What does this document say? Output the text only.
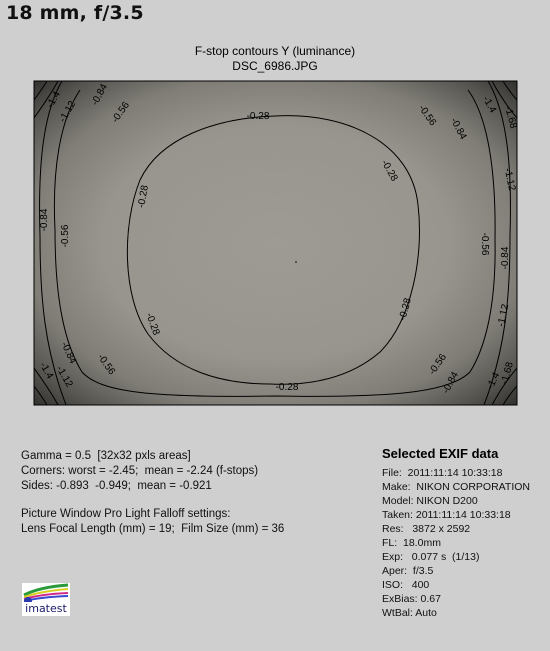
18 mm, f/3.5
F-stop contours Y (luminance)
DSC_6986.JPG
-0.28
-0.28
-0.28
-0.28
-0.28
-0.28
-0.56	-0.56
-0.56	-0.56
-0.56	-0.56
-0.84
-0.84
-0.84
-0.84
-0.84
-0.84
-1.12
-1.12
-1.12
-1.12
-1.4	-1.4
-1.4	-1.4
-1.68
-1.68
Gamma = 0.5  [32x32 pxls areas]
Corners: worst = -2.45;  mean = -2.24 (f-stops)
Sides: -0.893  -0.949;  mean = -0.921
Picture Window Pro Light Falloff settings:
Lens Focal Length (mm) = 19;  Film Size (mm) = 36
Selected EXIF data
File:  2011:11:14 10:33:18
Make:  NIKON CORPORATION
Model: NIKON D200
Taken: 2011:11:14 10:33:18
Res:   3872 x 2592
FL:  18.0mm
Exp:   0.077 s  (1/13)
Aper:  f/3.5
ISO:   400
ExBias: 0.67
WtBal: Auto
imatest
